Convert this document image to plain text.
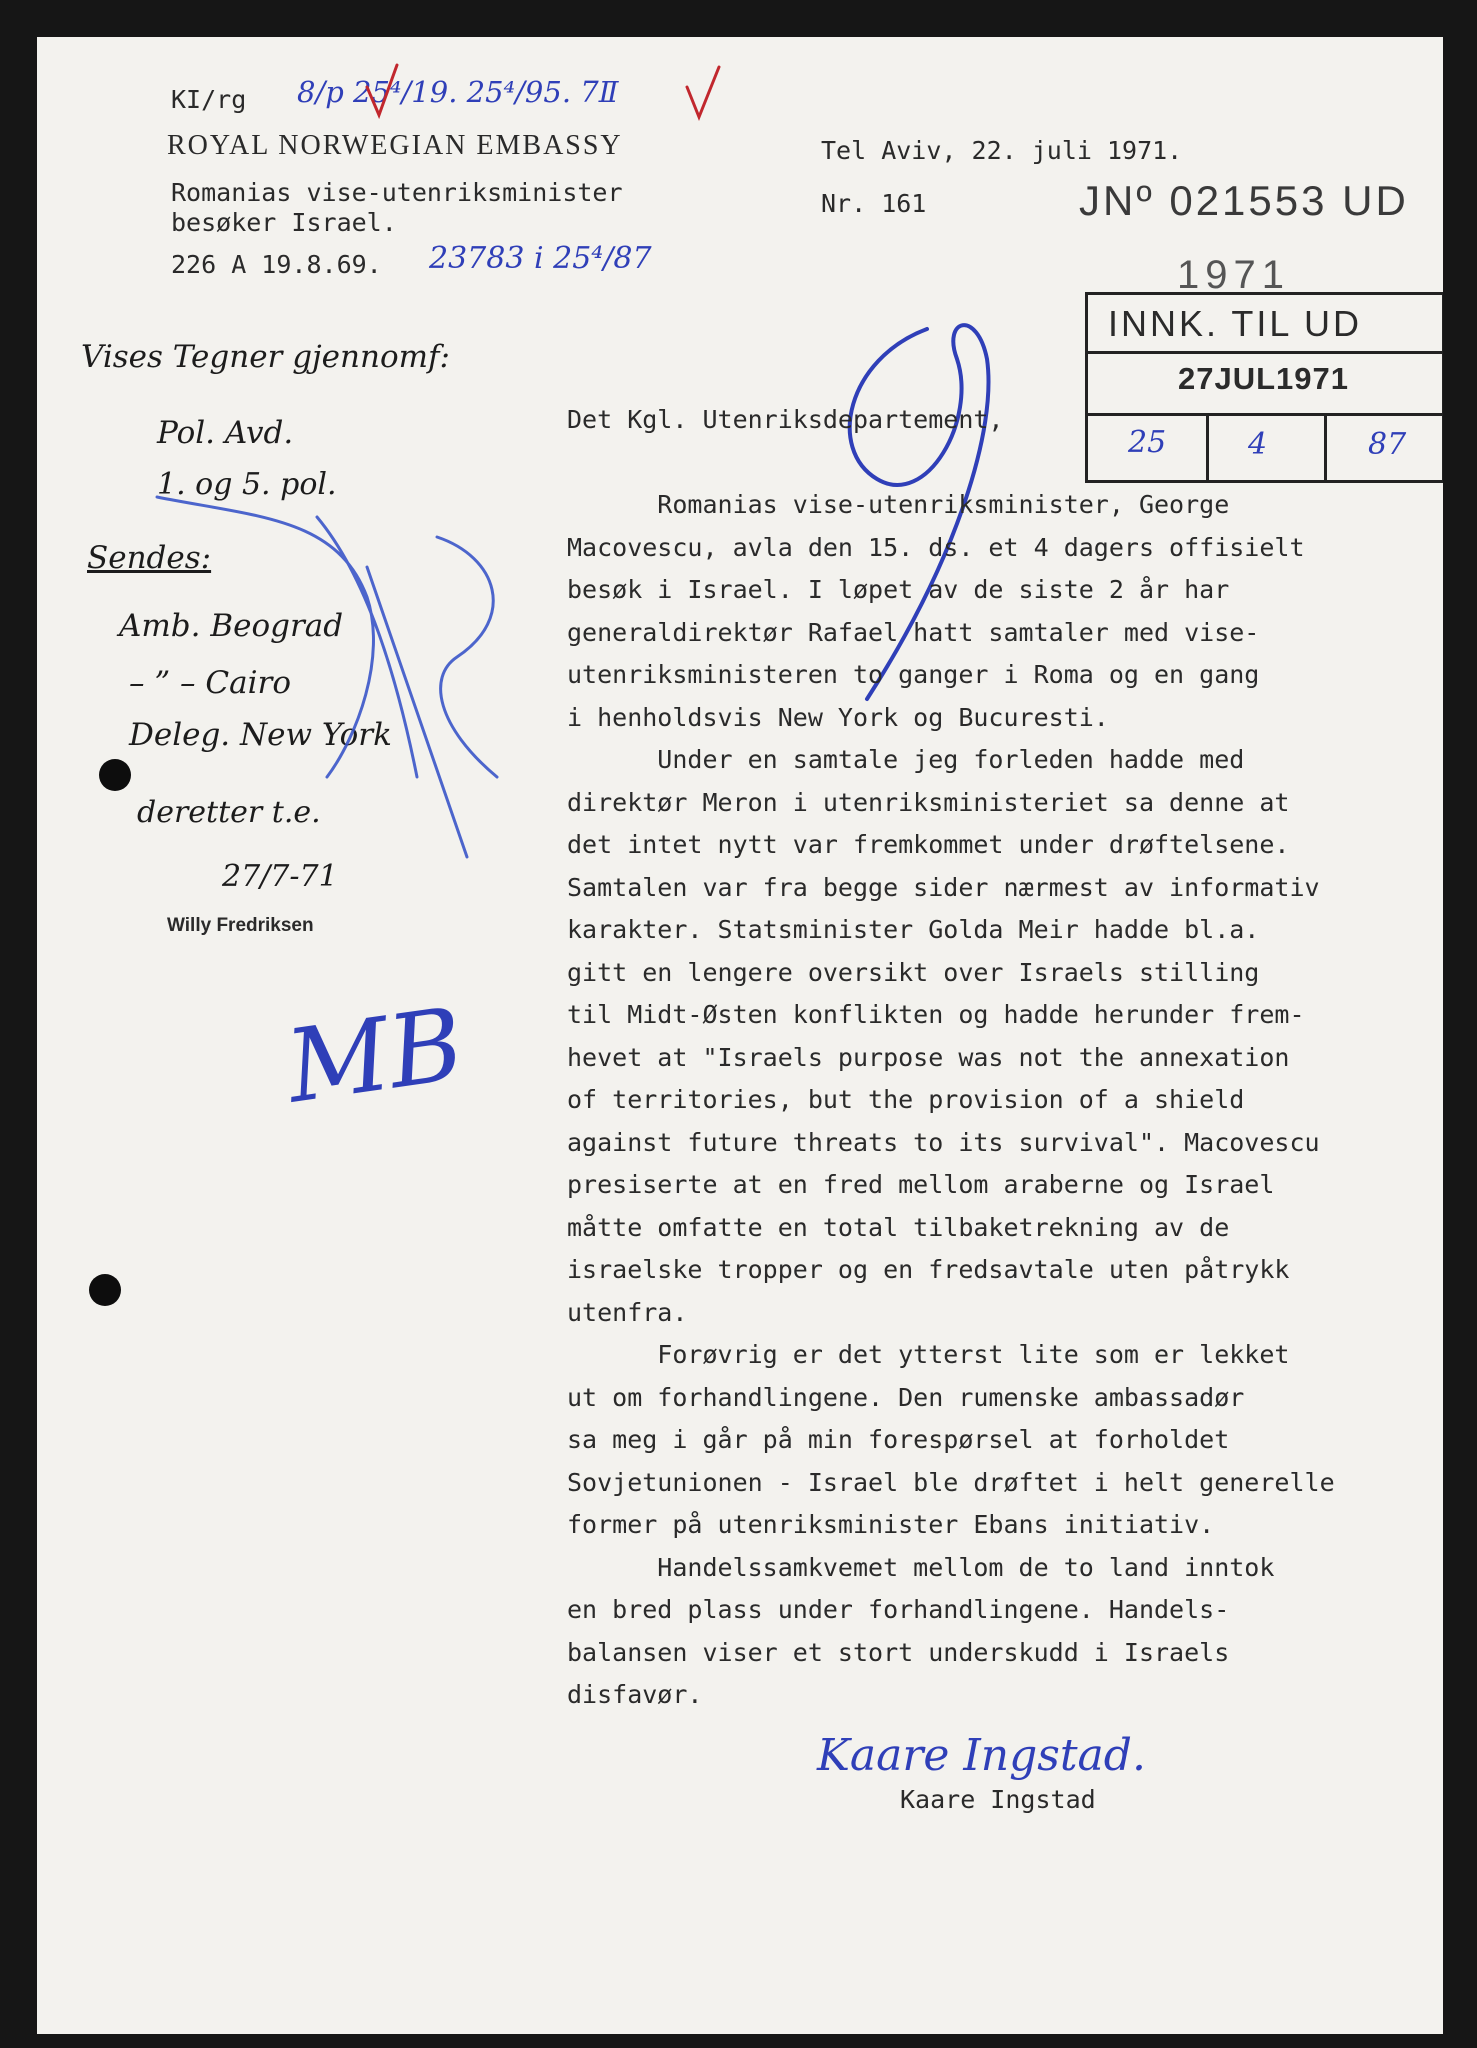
KI/rg 8/p 25⁴/19. 25⁴/95. 7Ⅱ
ROYAL NORWEGIAN EMBASSY
Romanias vise-utenriksminister
besøker Israel.
226 A 19.8.69. 23783 i 25⁴/87
Tel Aviv, 22. juli 1971.
Nr. 161	JNº 021553 UD
1971
INNK. TIL UD
27JUL1971
25	4	87
Vises Tegner gjennomf:
Pol. Avd.
1. og 5. pol.
Sendes:
Amb. Beograd
– ” – Cairo
Deleg. New York
deretter t.e.
27/7-71
Willy Fredriksen
MB
Det Kgl. Utenriksdepartement,
Romanias vise-utenriksminister, George
Macovescu, avla den 15. ds. et 4 dagers offisielt
besøk i Israel. I løpet av de siste 2 år har
generaldirektør Rafael hatt samtaler med vise-
utenriksministeren to ganger i Roma og en gang
i henholdsvis New York og Bucuresti.
Under en samtale jeg forleden hadde med
direktør Meron i utenriksministeriet sa denne at
det intet nytt var fremkommet under drøftelsene.
Samtalen var fra begge sider nærmest av informativ
karakter. Statsminister Golda Meir hadde bl.a.
gitt en lengere oversikt over Israels stilling
til Midt-Østen konflikten og hadde herunder frem-
hevet at "Israels purpose was not the annexation
of territories, but the provision of a shield
against future threats to its survival". Macovescu
presiserte at en fred mellom araberne og Israel
måtte omfatte en total tilbaketrekning av de
israelske tropper og en fredsavtale uten påtrykk
utenfra.
Forøvrig er det ytterst lite som er lekket
ut om forhandlingene. Den rumenske ambassadør
sa meg i går på min forespørsel at forholdet
Sovjetunionen - Israel ble drøftet i helt generelle
former på utenriksminister Ebans initiativ.
Handelssamkvemet mellom de to land inntok
en bred plass under forhandlingene. Handels-
balansen viser et stort underskudd i Israels
disfavør.
Kaare Ingstad.
Kaare Ingstad
